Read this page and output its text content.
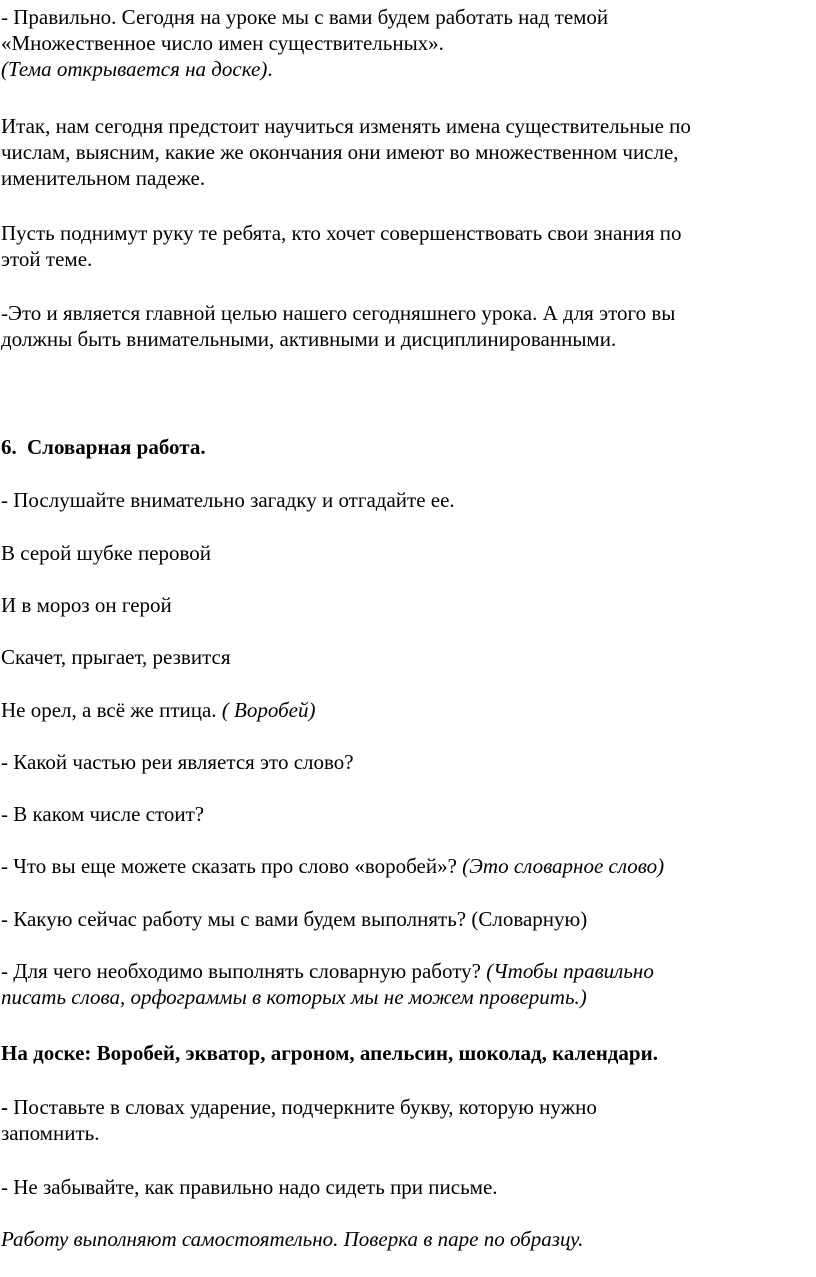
- Правильно. Сегодня на уроке мы с вами будем работать над темой
«Множественное число имен существительных».
(Тема открывается на доске).

Итак, нам сегодня предстоит научиться изменять имена существительные по
числам, выясним, какие же окончания они имеют во множественном числе,
именительном падеже.

Пусть поднимут руку те ребята, кто хочет совершенствовать свои знания по
этой теме.

-Это и является главной целью нашего сегодняшнего урока. А для этого вы
должны быть внимательными, активными и дисциплинированными.

6. Словарная работа.

- Послушайте внимательно загадку и отгадайте ее.

В серой шубке перовой

И в мороз он герой

Скачет, прыгает, резвится

Не орел, а всё же птица. ( Воробей)

- Какой частью реи является это слово?

- В каком числе стоит?

- Что вы еще можете сказать про слово «воробей»? (Это словарное слово)

- Какую сейчас работу мы с вами будем выполнять? (Словарную)

- Для чего необходимо выполнять словарную работу? (Чтобы правильно
писать слова, орфограммы в которых мы не можем проверить.)

На доске: Воробей, экватор, агроном, апельсин, шоколад, календари.

- Поставьте в словах ударение, подчеркните букву, которую нужно
запомнить.

- Не забывайте, как правильно надо сидеть при письме.

Работу выполняют самостоятельно. Поверка в паре по образцу.
